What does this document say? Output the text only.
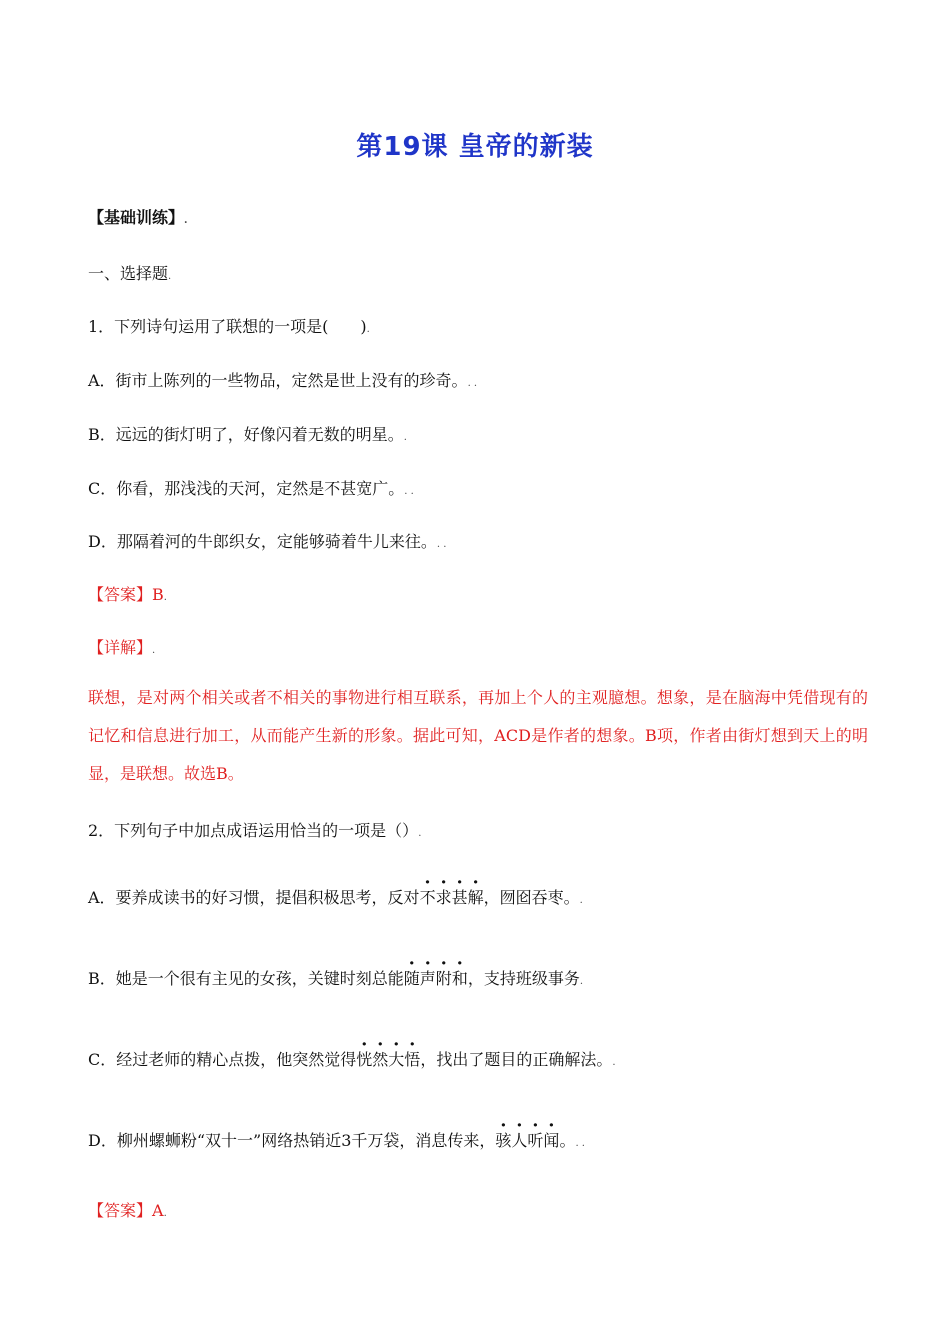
第19课 皇帝的新装
【基础训练】.
一、选择题.
1．下列诗句运用了联想的一项是(　　).
A．街市上陈列的一些物品，定然是世上没有的珍奇。. .
B．远远的街灯明了，好像闪着无数的明星。.
C．你看，那浅浅的天河，定然是不甚宽广。. .
D．那隔着河的牛郎织女，定能够骑着牛儿来往。. .
【答案】B.
【详解】.
联想，是对两个相关或者不相关的事物进行相互联系，再加上个人的主观臆想。想象，是在脑海中凭借现有的记忆和信息进行加工，从而能产生新的形象。据此可知，ACD是作者的想象。B项，作者由街灯想到天上的明显，是联想。故选B。
2．下列句子中加点成语运用恰当的一项是（）.
A．要养成读书的好习惯，提倡积极思考，反对不求甚解，囫囵吞枣。.
B．她是一个很有主见的女孩，关键时刻总能随声附和，支持班级事务.
C．经过老师的精心点拨，他突然觉得恍然大悟，找出了题目的正确解法。.
D．柳州螺蛳粉“双十一”网络热销近3千万袋，消息传来，骇人听闻。. .
【答案】A.
